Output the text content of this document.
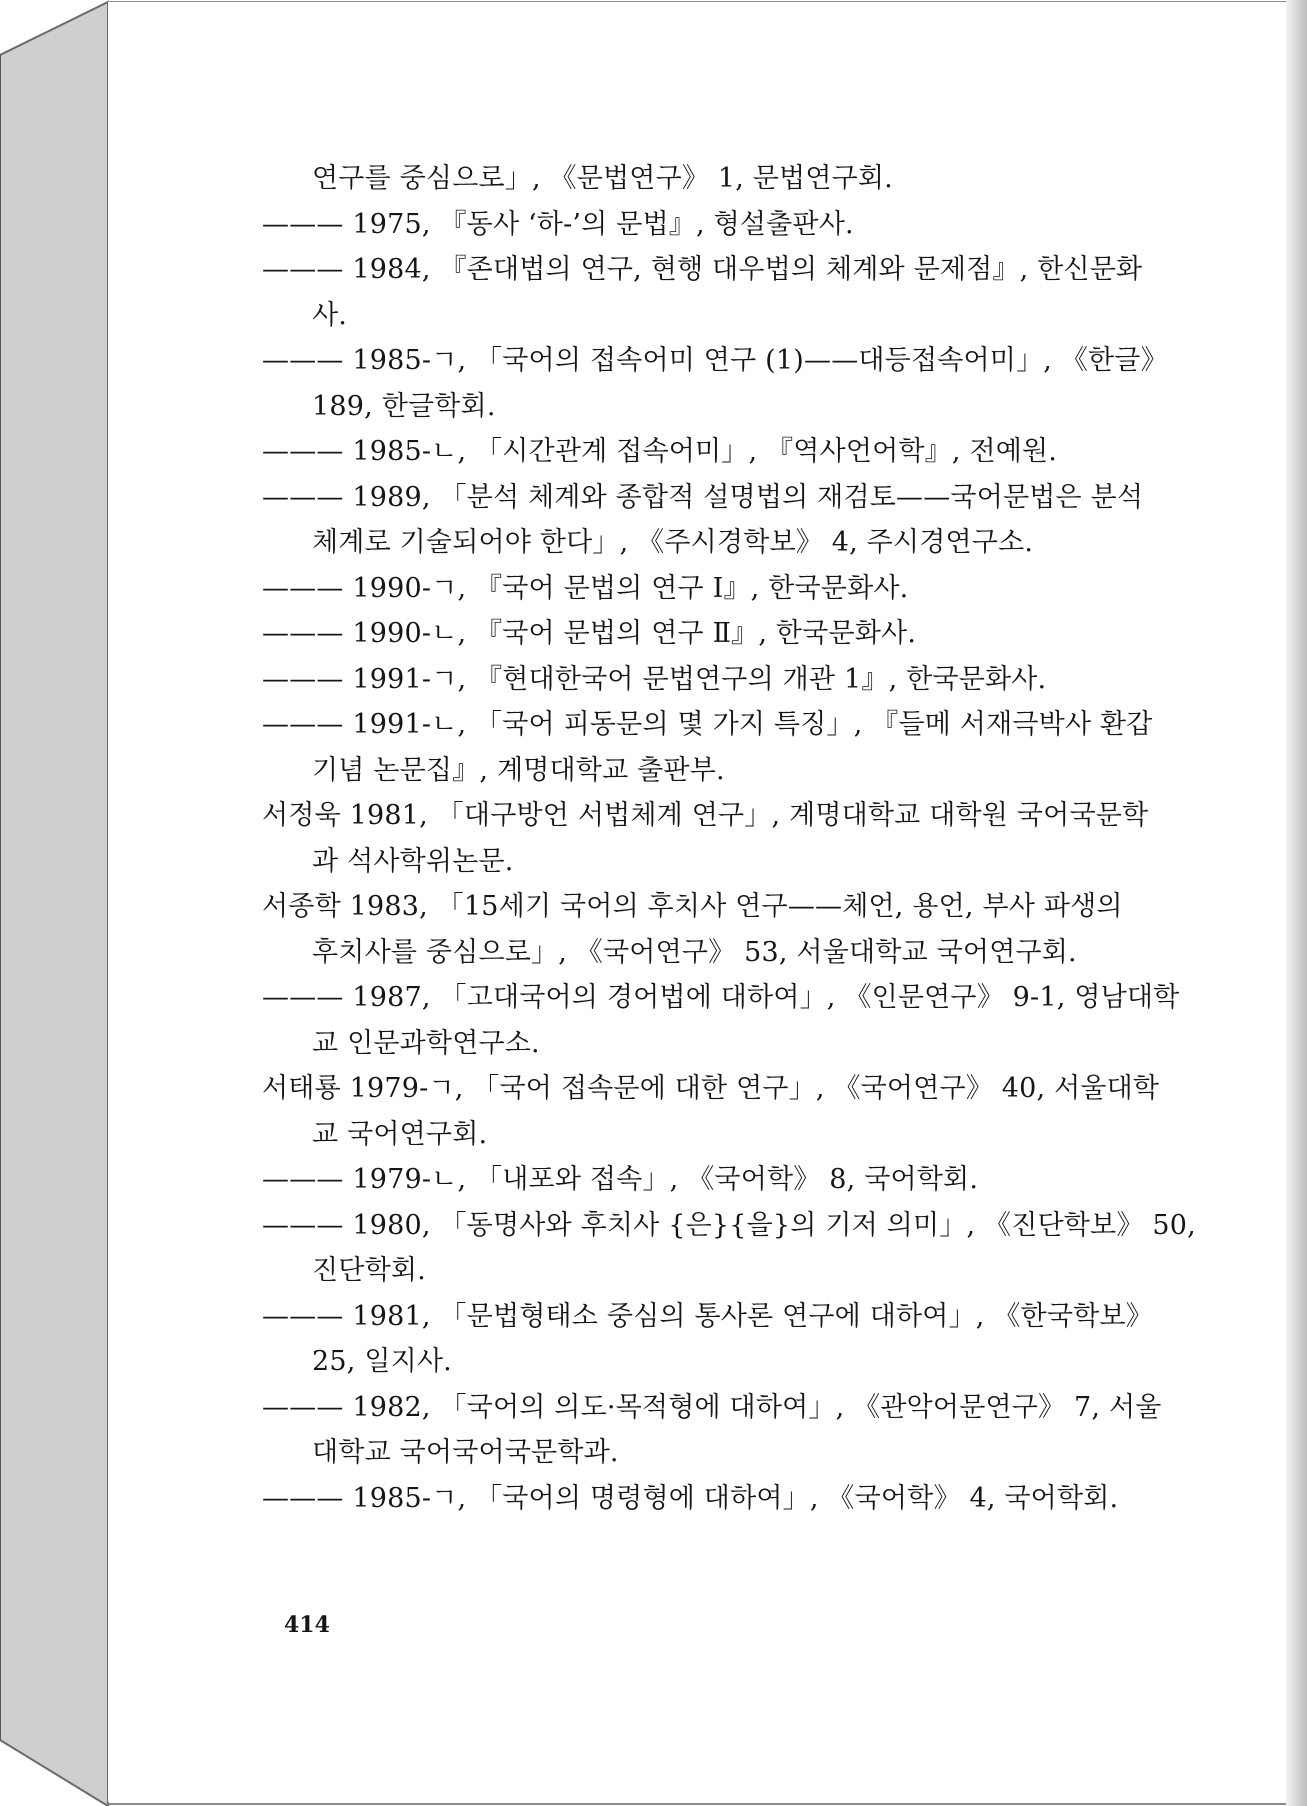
연구를 중심으로」, 《문법연구》 1, 문법연구회.
——— 1975, 『동사 ‘하-’의 문법』, 형설출판사.
——— 1984, 『존대법의 연구, 현행 대우법의 체계와 문제점』, 한신문화
사.
——— 1985-ㄱ, 「국어의 접속어미 연구 (1)——대등접속어미」, 《한글》
189, 한글학회.
——— 1985-ㄴ, 「시간관계 접속어미」, 『역사언어학』, 전예원.
——— 1989, 「분석 체계와 종합적 설명법의 재검토——국어문법은 분석
체계로 기술되어야 한다」, 《주시경학보》 4, 주시경연구소.
——— 1990-ㄱ, 『국어 문법의 연구 Ⅰ』, 한국문화사.
——— 1990-ㄴ, 『국어 문법의 연구 Ⅱ』, 한국문화사.
——— 1991-ㄱ, 『현대한국어 문법연구의 개관 1』, 한국문화사.
——— 1991-ㄴ, 「국어 피동문의 몇 가지 특징」, 『들메 서재극박사 환갑
기념 논문집』, 계명대학교 출판부.
서정욱 1981, 「대구방언 서법체계 연구」, 계명대학교 대학원 국어국문학
과 석사학위논문.
서종학 1983, 「15세기 국어의 후치사 연구——체언, 용언, 부사 파생의
후치사를 중심으로」, 《국어연구》 53, 서울대학교 국어연구회.
——— 1987, 「고대국어의 경어법에 대하여」, 《인문연구》 9-1, 영남대학
교 인문과학연구소.
서태룡 1979-ㄱ, 「국어 접속문에 대한 연구」, 《국어연구》 40, 서울대학
교 국어연구회.
——— 1979-ㄴ, 「내포와 접속」, 《국어학》 8, 국어학회.
——— 1980, 「동명사와 후치사 {은}{을}의 기저 의미」, 《진단학보》 50,
진단학회.
——— 1981, 「문법형태소 중심의 통사론 연구에 대하여」, 《한국학보》
25, 일지사.
——— 1982, 「국어의 의도·목적형에 대하여」, 《관악어문연구》 7, 서울
대학교 국어국어국문학과.
——— 1985-ㄱ, 「국어의 명령형에 대하여」, 《국어학》 4, 국어학회.
414
